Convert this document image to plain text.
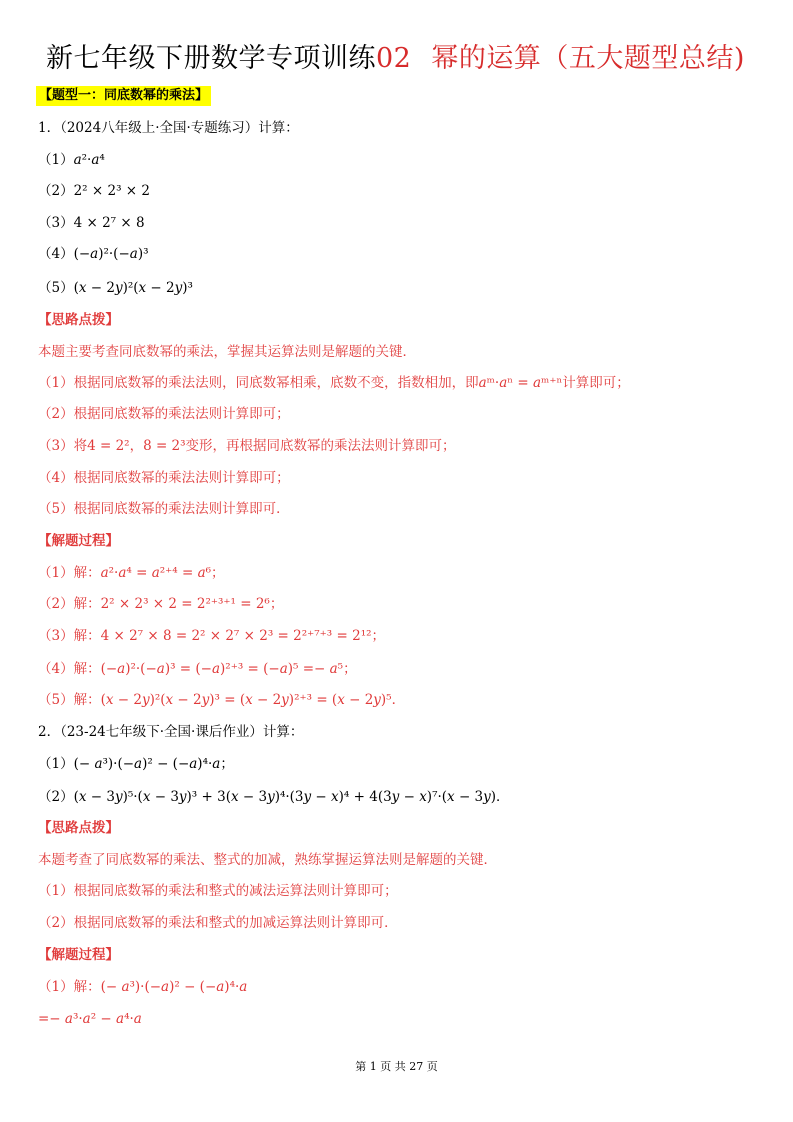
新七年级下册数学专项训练02 幂的运算（五大题型总结)
【题型一：同底数幂的乘法】
1．（2024八年级上·全国·专题练习）计算：
（1）𝑎²·𝑎⁴
（2）2² × 2³ × 2
（3）4 × 2⁷ × 8
（4）(−𝑎)²·(−𝑎)³
（5）(𝑥 − 2𝑦)²(𝑥 − 2𝑦)³
【思路点拨】
本题主要考查同底数幂的乘法，掌握其运算法则是解题的关键．
（1）根据同底数幂的乘法法则，同底数幂相乘，底数不变，指数相加，即𝑎ᵐ·𝑎ⁿ = 𝑎ᵐ⁺ⁿ计算即可；
（2）根据同底数幂的乘法法则计算即可；
（3）将4 = 2²，8 = 2³变形，再根据同底数幂的乘法法则计算即可；
（4）根据同底数幂的乘法法则计算即可；
（5）根据同底数幂的乘法法则计算即可．
【解题过程】
（1）解：𝑎²·𝑎⁴ = 𝑎²⁺⁴ = 𝑎⁶；
（2）解：2² × 2³ × 2 = 2²⁺³⁺¹ = 2⁶；
（3）解：4 × 2⁷ × 8 = 2² × 2⁷ × 2³ = 2²⁺⁷⁺³ = 2¹²；
（4）解：(−𝑎)²·(−𝑎)³ = (−𝑎)²⁺³ = (−𝑎)⁵ =− 𝑎⁵；
（5）解：(𝑥 − 2𝑦)²(𝑥 − 2𝑦)³ = (𝑥 − 2𝑦)²⁺³ = (𝑥 − 2𝑦)⁵．
2．（23-24七年级下·全国·课后作业）计算：
（1）(− 𝑎³)·(−𝑎)² − (−𝑎)⁴·𝑎；
（2）(𝑥 − 3𝑦)⁵·(𝑥 − 3𝑦)³ + 3(𝑥 − 3𝑦)⁴·(3𝑦 − 𝑥)⁴ + 4(3𝑦 − 𝑥)⁷·(𝑥 − 3𝑦)．
【思路点拨】
本题考查了同底数幂的乘法、整式的加减，熟练掌握运算法则是解题的关键．
（1）根据同底数幂的乘法和整式的减法运算法则计算即可；
（2）根据同底数幂的乘法和整式的加减运算法则计算即可．
【解题过程】
（1）解：(− 𝑎³)·(−𝑎)² − (−𝑎)⁴·𝑎
=− 𝑎³·𝑎² − 𝑎⁴·𝑎
第 1 页 共 27 页
